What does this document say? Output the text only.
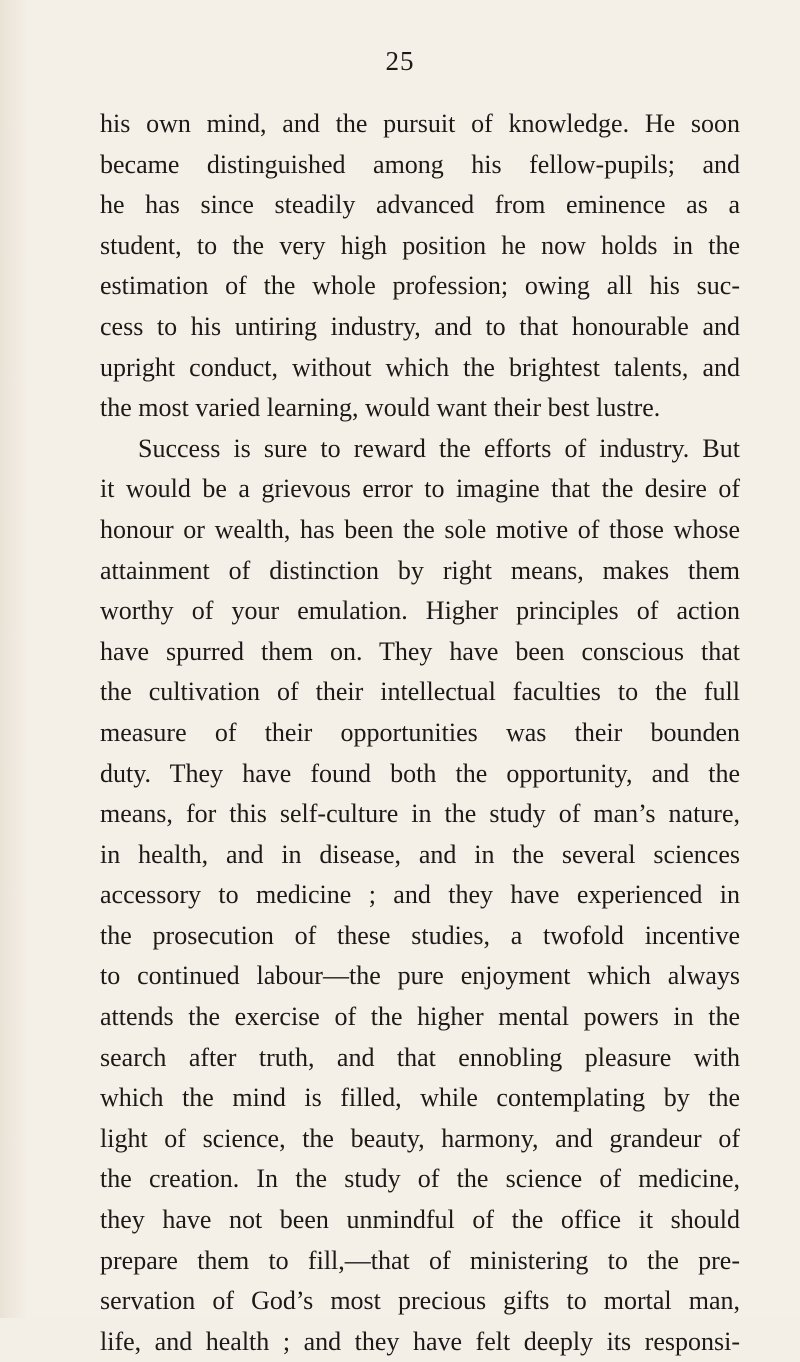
25
his own mind, and the pursuit of knowledge. He soon
became distinguished among his fellow-pupils; and
he has since steadily advanced from eminence as a
student, to the very high position he now holds in the
estimation of the whole profession; owing all his suc-
cess to his untiring industry, and to that honourable and
upright conduct, without which the brightest talents, and
the most varied learning, would want their best lustre.
Success is sure to reward the efforts of industry. But
it would be a grievous error to imagine that the desire of
honour or wealth, has been the sole motive of those whose
attainment of distinction by right means, makes them
worthy of your emulation. Higher principles of action
have spurred them on. They have been conscious that
the cultivation of their intellectual faculties to the full
measure of their opportunities was their bounden
duty. They have found both the opportunity, and the
means, for this self-culture in the study of man’s nature,
in health, and in disease, and in the several sciences
accessory to medicine ; and they have experienced in
the prosecution of these studies, a twofold incentive
to continued labour—the pure enjoyment which always
attends the exercise of the higher mental powers in the
search after truth, and that ennobling pleasure with
which the mind is filled, while contemplating by the
light of science, the beauty, harmony, and grandeur of
the creation. In the study of the science of medicine,
they have not been unmindful of the office it should
prepare them to fill,—that of ministering to the pre-
servation of God’s most precious gifts to mortal man,
life, and health ; and they have felt deeply its responsi-
